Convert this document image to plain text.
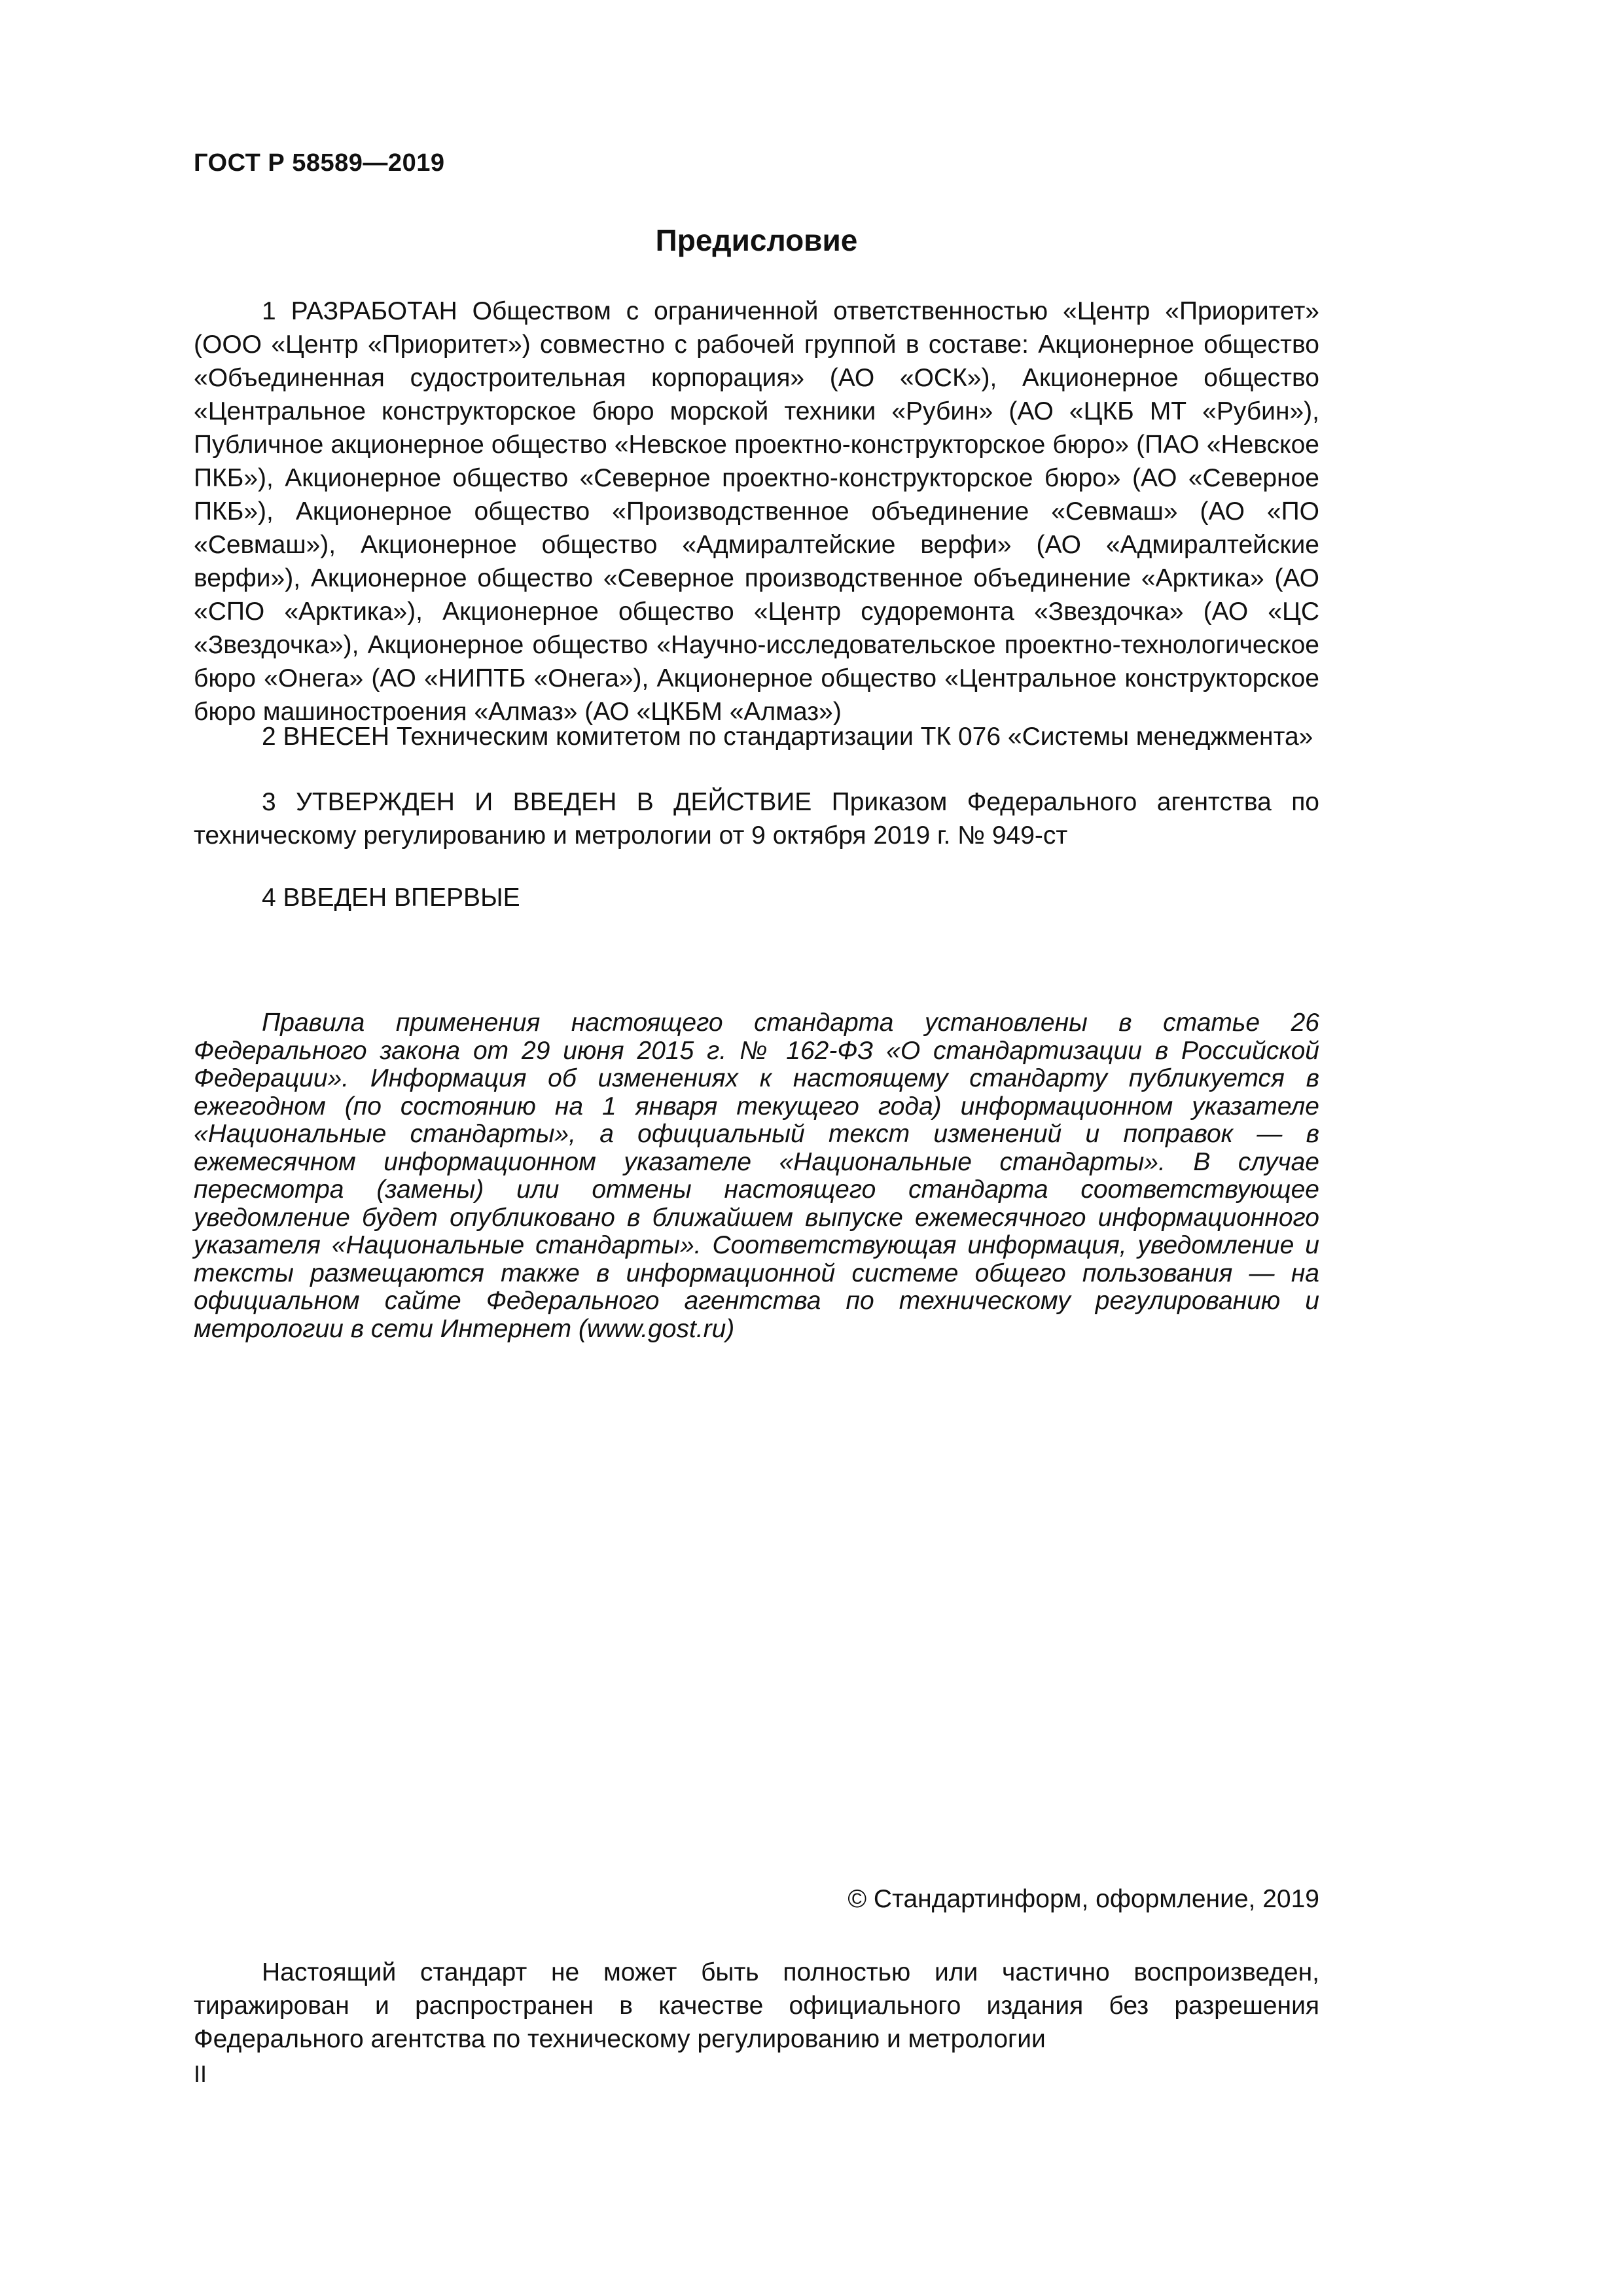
ГОСТ Р 58589—2019
Предисловие

1 РАЗРАБОТАН Обществом с ограниченной ответственностью «Центр «Приоритет» (ООО «Центр «Приоритет») совместно с рабочей группой в составе: Акционерное общество «Объединенная судостроительная корпорация» (АО «ОСК»), Акционерное общество «Центральное конструкторское бюро морской техники «Рубин» (АО «ЦКБ МТ «Рубин»), Публичное акционерное общество «Невское проектно-конструкторское бюро» (ПАО «Невское ПКБ»), Акционерное общество «Северное проектно-конструкторское бюро» (АО «Северное ПКБ»), Акционерное общество «Производственное объединение «Севмаш» (АО «ПО «Севмаш»), Акционерное общество «Адмиралтейские верфи» (АО «Адмиралтейские верфи»), Акционерное общество «Северное производственное объединение «Арктика» (АО «СПО «Арктика»), Акционерное общество «Центр судоремонта «Звездочка» (АО «ЦС «Звездочка»), Акционерное общество «Научно-исследовательское проектно-технологическое бюро «Онега» (АО «НИПТБ «Онега»), Акционерное общество «Центральное конструкторское бюро машиностроения «Алмаз» (АО «ЦКБМ «Алмаз»)

2 ВНЕСЕН Техническим комитетом по стандартизации ТК 076 «Системы менеджмента»

3 УТВЕРЖДЕН И ВВЕДЕН В ДЕЙСТВИЕ Приказом Федерального агентства по техническому регулированию и метрологии от 9 октября 2019 г. № 949-ст

4 ВВЕДЕН ВПЕРВЫЕ

Правила применения настоящего стандарта установлены в статье 26 Федерального закона от 29 июня 2015 г. № 162-ФЗ «О стандартизации в Российской Федерации». Информация об изменениях к настоящему стандарту публикуется в ежегодном (по состоянию на 1 января текущего года) информационном указателе «Национальные стандарты», а официальный текст изменений и поправок — в ежемесячном информационном указателе «Национальные стандарты». В случае пересмотра (замены) или отмены настоящего стандарта соответствующее уведомление будет опубликовано в ближайшем выпуске ежемесячного информационного указателя «Национальные стандарты». Соответствующая информация, уведомление и тексты размещаются также в информационной системе общего пользования — на официальном сайте Федерального агентства по техническому регулированию и метрологии в сети Интернет (www.gost.ru)

© Стандартинформ, оформление, 2019

Настоящий стандарт не может быть полностью или частично воспроизведен, тиражирован и распространен в качестве официального издания без разрешения Федерального агентства по техническому регулированию и метрологии

II
